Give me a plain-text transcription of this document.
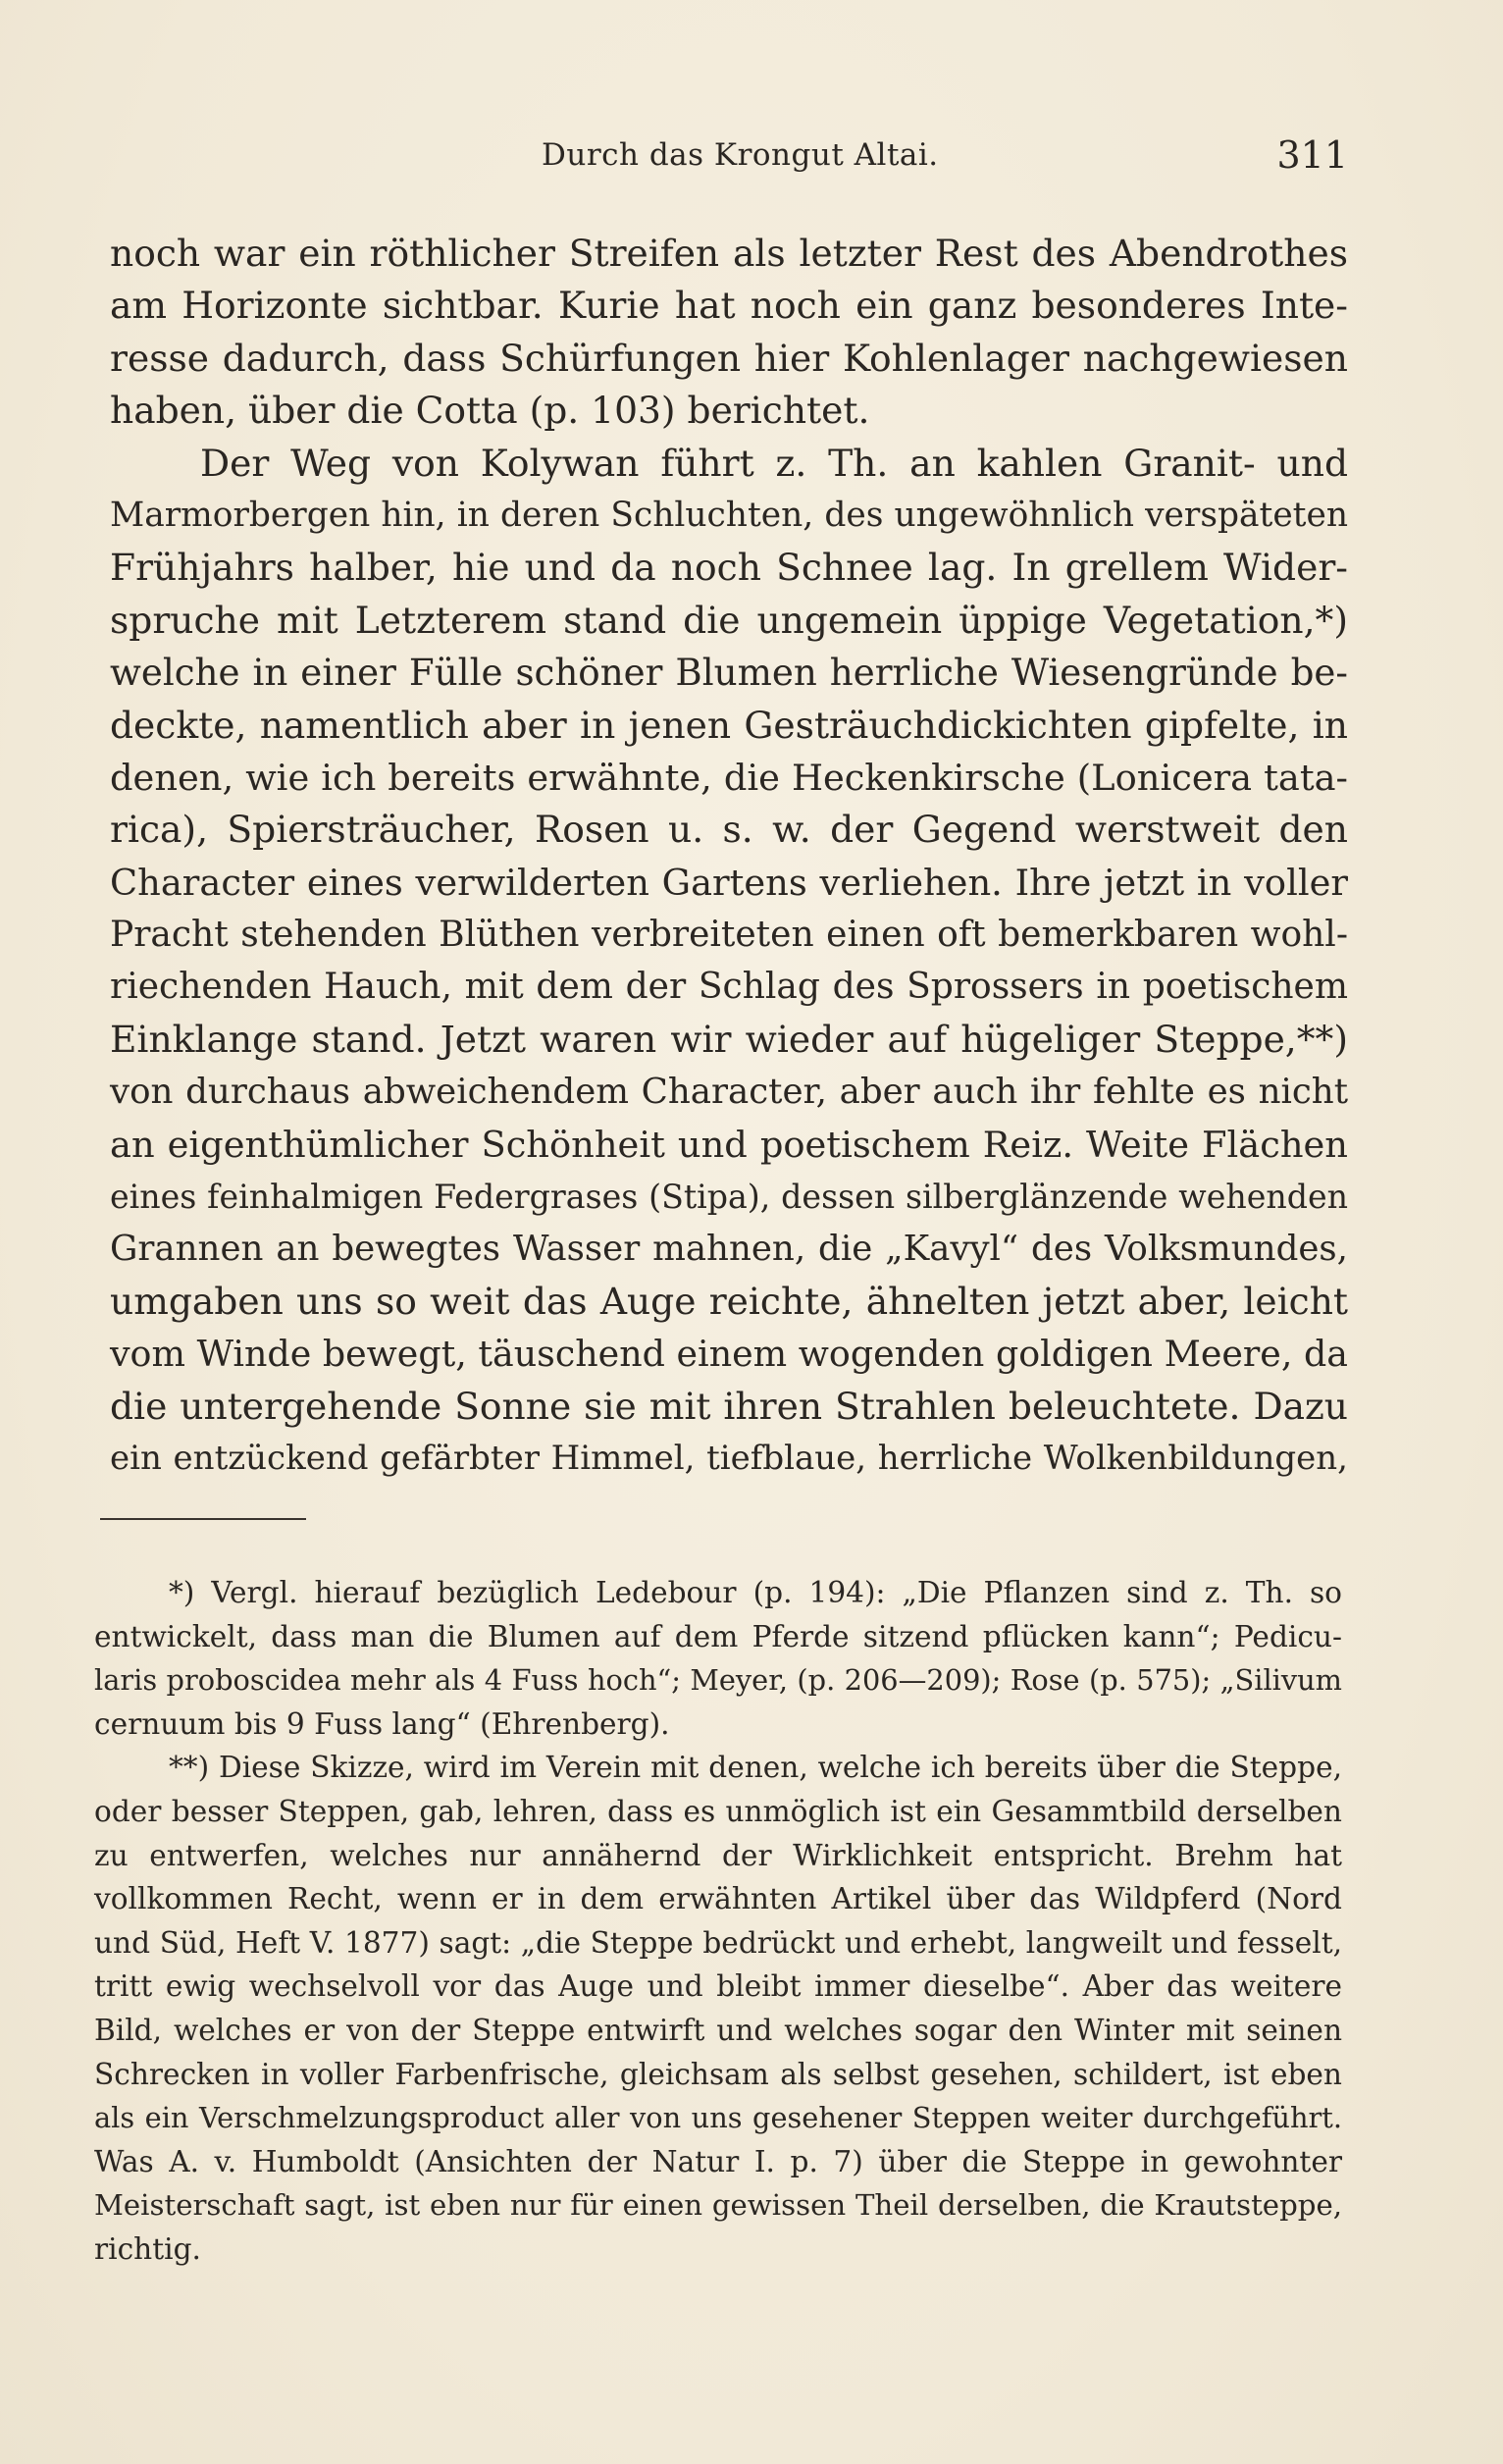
Durch das Krongut Altai.	311
noch war ein röthlicher Streifen als letzter Rest des Abendrothes
am Horizonte sichtbar. Kurie hat noch ein ganz besonderes Inte-
resse dadurch, dass Schürfungen hier Kohlenlager nachgewiesen
haben, über die Cotta (p. 103) berichtet.
Der Weg von Kolywan führt z. Th. an kahlen Granit- und
Marmorbergen hin, in deren Schluchten, des ungewöhnlich verspäteten
Frühjahrs halber, hie und da noch Schnee lag. In grellem Wider-
spruche mit Letzterem stand die ungemein üppige Vegetation,*)
welche in einer Fülle schöner Blumen herrliche Wiesengründe be-
deckte, namentlich aber in jenen Gesträuchdickichten gipfelte, in
denen, wie ich bereits erwähnte, die Heckenkirsche (Lonicera tata-
rica), Spiersträucher, Rosen u. s. w. der Gegend werstweit den
Character eines verwilderten Gartens verliehen. Ihre jetzt in voller
Pracht stehenden Blüthen verbreiteten einen oft bemerkbaren wohl-
riechenden Hauch, mit dem der Schlag des Sprossers in poetischem
Einklange stand. Jetzt waren wir wieder auf hügeliger Steppe,**)
von durchaus abweichendem Character, aber auch ihr fehlte es nicht
an eigenthümlicher Schönheit und poetischem Reiz. Weite Flächen
eines feinhalmigen Federgrases (Stipa), dessen silberglänzende wehenden
Grannen an bewegtes Wasser mahnen, die „Kavyl“ des Volksmundes,
umgaben uns so weit das Auge reichte, ähnelten jetzt aber, leicht
vom Winde bewegt, täuschend einem wogenden goldigen Meere, da
die untergehende Sonne sie mit ihren Strahlen beleuchtete. Dazu
ein entzückend gefärbter Himmel, tiefblaue, herrliche Wolkenbildungen,
*) Vergl. hierauf bezüglich Ledebour (p. 194): „Die Pflanzen sind z. Th. so
entwickelt, dass man die Blumen auf dem Pferde sitzend pflücken kann“; Pedicu-
laris proboscidea mehr als 4 Fuss hoch“; Meyer, (p. 206—209); Rose (p. 575); „Silivum
cernuum bis 9 Fuss lang“ (Ehrenberg).
**) Diese Skizze, wird im Verein mit denen, welche ich bereits über die Steppe,
oder besser Steppen, gab, lehren, dass es unmöglich ist ein Gesammtbild derselben
zu entwerfen, welches nur annähernd der Wirklichkeit entspricht. Brehm hat
vollkommen Recht, wenn er in dem erwähnten Artikel über das Wildpferd (Nord
und Süd, Heft V. 1877) sagt: „die Steppe bedrückt und erhebt, langweilt und fesselt,
tritt ewig wechselvoll vor das Auge und bleibt immer dieselbe“. Aber das weitere
Bild, welches er von der Steppe entwirft und welches sogar den Winter mit seinen
Schrecken in voller Farbenfrische, gleichsam als selbst gesehen, schildert, ist eben
als ein Verschmelzungsproduct aller von uns gesehener Steppen weiter durchgeführt.
Was A. v. Humboldt (Ansichten der Natur I. p. 7) über die Steppe in gewohnter
Meisterschaft sagt, ist eben nur für einen gewissen Theil derselben, die Krautsteppe,
richtig.
